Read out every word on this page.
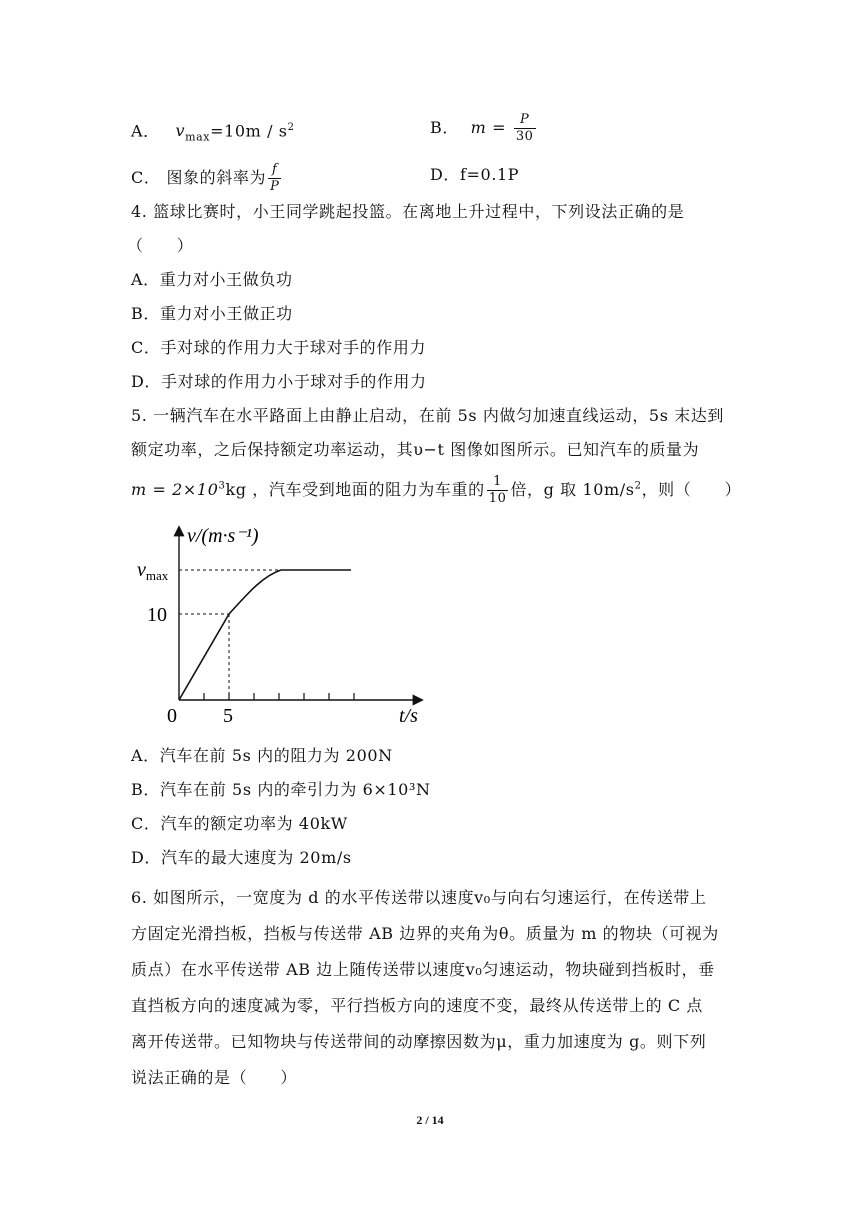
A． $v_{max}=10m / s^2$	B． $m = \frac{P}{30}$
C． 图象的斜率为 $\frac{f}{P}$	D．f=0.1P
4. 篮球比赛时，小王同学跳起投篮。在离地上升过程中，下列设法正确的是
（　　）
A．重力对小王做负功
B．重力对小王做正功
C．手对球的作用力大于球对手的作用力
D．手对球的作用力小于球对手的作用力
5. 一辆汽车在水平路面上由静止启动，在前 5s 内做匀加速直线运动，5s 末达到
额定功率，之后保持额定功率运动，其υ−t 图像如图所示。已知汽车的质量为
$m = 2\times 10^3kg$ ，汽车受到地面的阻力为车重的 $\frac{1}{10}$ 倍，g 取 $10m/s^2$，则（　　）
v/(m·s⁻¹)
$v_{max}$
10
0 5	t/s
A．汽车在前 5s 内的阻力为 200N
B．汽车在前 5s 内的牵引力为 6×10³N
C．汽车的额定功率为 40kW
D．汽车的最大速度为 20m/s
6. 如图所示，一宽度为 d 的水平传送带以速度v₀与向右匀速运行，在传送带上
方固定光滑挡板，挡板与传送带 AB 边界的夹角为θ。质量为 m 的物块（可视为
质点）在水平传送带 AB 边上随传送带以速度v₀匀速运动，物块碰到挡板时，垂
直挡板方向的速度减为零，平行挡板方向的速度不变，最终从传送带上的 C 点
离开传送带。已知物块与传送带间的动摩擦因数为μ，重力加速度为 g。则下列
说法正确的是（　　）
2 / 14
